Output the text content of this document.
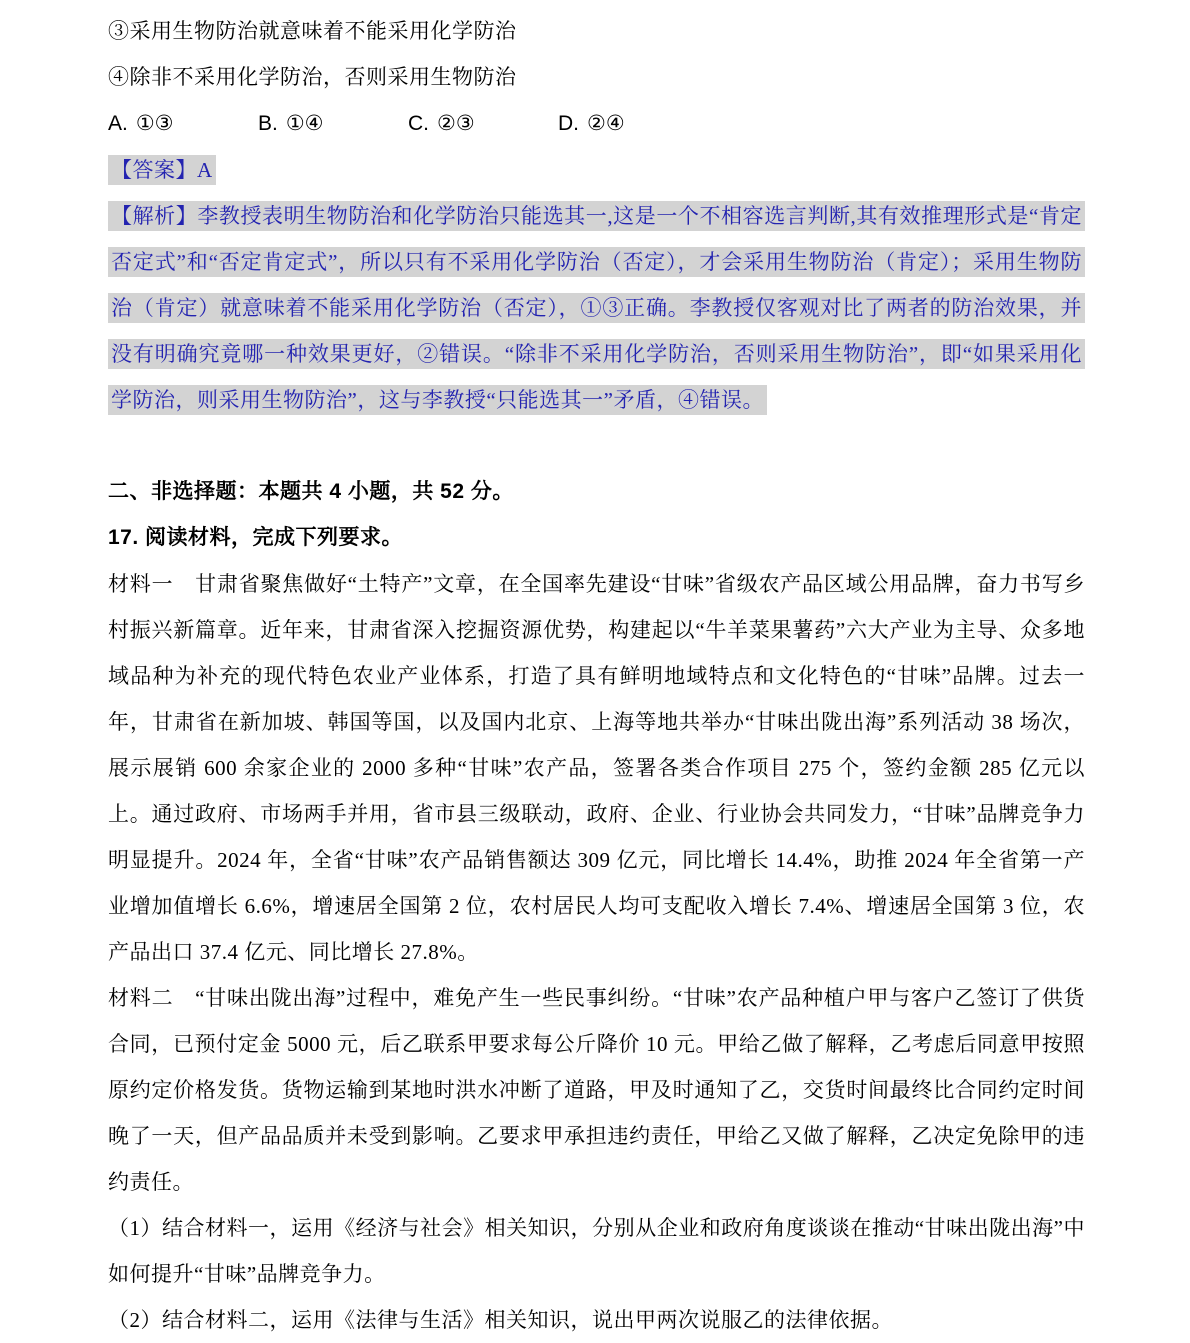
③采用生物防治就意味着不能采用化学防治

④除非不采用化学防治，否则采用生物防治

A. ①③	B. ①④	C. ②③	D. ②④

【答案】A

【解析】李教授表明生物防治和化学防治只能选其一,这是一个不相容选言判断,其有效推理形式是“肯定否定式”和“否定肯定式”，所以只有不采用化学防治（否定），才会采用生物防治（肯定）；采用生物防治（肯定）就意味着不能采用化学防治（否定），①③正确。李教授仅客观对比了两者的防治效果，并没有明确究竟哪一种效果更好，②错误。“除非不采用化学防治，否则采用生物防治”，即“如果采用化学防治，则采用生物防治”，这与李教授“只能选其一”矛盾，④错误。

二、非选择题：本题共 4 小题，共 52 分。

17. 阅读材料，完成下列要求。

材料一　甘肃省聚焦做好“土特产”文章，在全国率先建设“甘味”省级农产品区域公用品牌，奋力书写乡村振兴新篇章。近年来，甘肃省深入挖掘资源优势，构建起以“牛羊菜果薯药”六大产业为主导、众多地域品种为补充的现代特色农业产业体系，打造了具有鲜明地域特点和文化特色的“甘味”品牌。过去一年，甘肃省在新加坡、韩国等国，以及国内北京、上海等地共举办“甘味出陇出海”系列活动 38 场次，展示展销 600 余家企业的 2000 多种“甘味”农产品，签署各类合作项目 275 个，签约金额 285 亿元以上。通过政府、市场两手并用，省市县三级联动，政府、企业、行业协会共同发力，“甘味”品牌竞争力明显提升。2024 年，全省“甘味”农产品销售额达 309 亿元，同比增长 14.4%，助推 2024 年全省第一产业增加值增长 6.6%，增速居全国第 2 位，农村居民人均可支配收入增长 7.4%、增速居全国第 3 位，农产品出口 37.4 亿元、同比增长 27.8%。

材料二　“甘味出陇出海”过程中，难免产生一些民事纠纷。“甘味”农产品种植户甲与客户乙签订了供货合同，已预付定金 5000 元，后乙联系甲要求每公斤降价 10 元。甲给乙做了解释，乙考虑后同意甲按照原约定价格发货。货物运输到某地时洪水冲断了道路，甲及时通知了乙，交货时间最终比合同约定时间晚了一天，但产品品质并未受到影响。乙要求甲承担违约责任，甲给乙又做了解释，乙决定免除甲的违约责任。

（1）结合材料一，运用《经济与社会》相关知识，分别从企业和政府角度谈谈在推动“甘味出陇出海”中如何提升“甘味”品牌竞争力。

（2）结合材料二，运用《法律与生活》相关知识，说出甲两次说服乙的法律依据。
